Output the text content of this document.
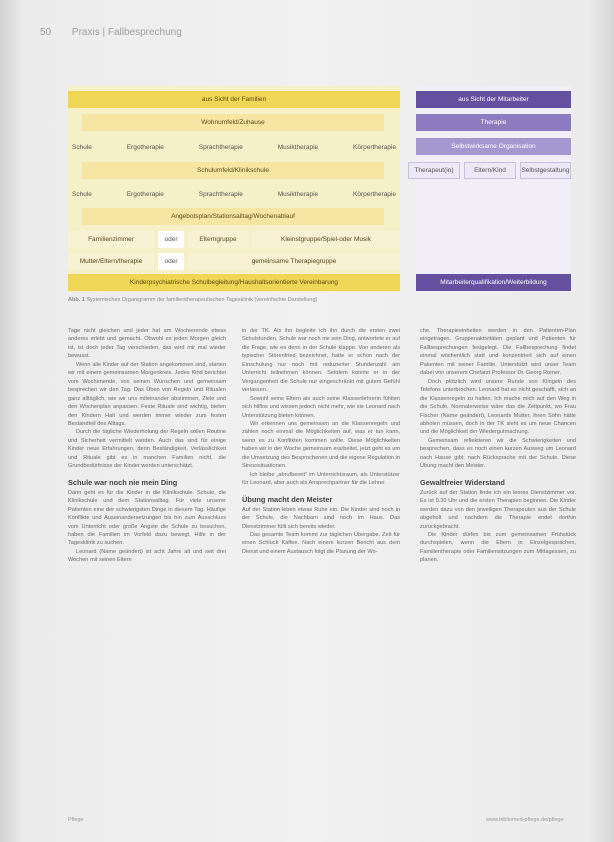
50 Praxis | Fallbesprechung
aus Sicht der Familien
Wohnumfeld/Zuhause
Schule	Ergotherapie	Sprachtherapie	Musiktherapie	Körpertherapie
Schulumfeld/Klinikschule
Schule	Ergotherapie	Sprachtherapie	Musiktherapie	Körpertherapie
Angebotsplan/Stationsalltag/Wochenablauf
Familienzimmer	oder	Elterngruppe	Kleinstgruppe/Spiel-oder Musik
Mutter/Eltern/therapie	oder	gemeinsame Therapiegruppe
Kinderpsychiatrische Schulbegleitung/Haushaltsorientierte Vereinbarung
aus Sicht der Mitarbeiter
Therapie
Selbstwirksame Organisation
Therapeut(in)	Eltern/Kind	Selbstgestaltung
Mitarbeiterqualifikation/Weiterbildung
Abb. 1 Systemisches Organigramm der familientherapeutischen Tagesklinik (vereinfachte Darstellung)

Tage nicht gleichen und jeder hat am Wochenende etwas anderes erlebt und gemacht. Obwohl es jeden Morgen gleich ist, ist doch jeder Tag verschieden, das wird mir mal wieder bewusst.

Wenn alle Kinder auf der Station angekommen sind, starten wir mit einem gemeinsamen Morgenkreis. Jedes Kind berichtet vom Wochenende, von seinen Wünschen und gemeinsam besprechen wir den Tag. Das Üben von Regeln und Ritualen ganz alltäglich, wie wir uns miteinander abstimmen, Ziele und den Wochenplan anpassen. Feste Rituale sind wichtig, bieten den Kindern Halt und werden immer wieder zum festen Bestandteil des Alltags.

Durch die tägliche Wiederholung der Regeln sollen Routine und Sicherheit vermittelt werden. Auch das sind für einige Kinder neue Erfahrungen, denn Beständigkeit, Verlässlichkeit und Rituale gibt es in manchen Familien nicht, die Grundbedürfnisse der Kinder werden unterschätzt.

Schule war noch nie mein Ding

Dann geht es für die Kinder in die Klinikschule. Schule, die Klinikschule und dem Stationsalltag. Für viele unserer Patienten eine der schwierigsten Dinge in diesem Tag. Häufige Konflikte und Auseinandersetzungen bis hin zum Ausschluss vom Unterricht oder große Ängste die Schule zu besuchen, haben die Familien im Vorfeld dazu bewegt, Hilfe in der Tagesklinik zu suchen.

Leonard (Name geändert) ist acht Jahre alt und seit drei Wochen mit seinen Eltern

in der TK. Als ihn begleite ich ihn durch die ersten zwei Schulstunden. Schule war noch nie sein Ding, antwortete er auf die Frage, wie es denn in der Schule klappe. Von anderen als typischer Störenfried bezeichnet, hatte er schon nach der Einschulung nur noch mit reduzierter Stundenzahl am Unterricht teilnehmen können. Seitdem konnte er in der Vergangenheit die Schule nur eingeschränkt mit gutem Gefühl verlassen.

Sowohl seine Eltern als auch seine Klassenlehrerin fühlten sich hilflos und wissen jedoch nicht mehr, wie sie Leonard nach Unterstützung bieten können.

Wir erkennen uns gemeinsam an die Klassenregeln und zählen noch einmal die Möglichkeiten auf, was er tun kann, wenn es zu Konflikten kommen sollte. Diese Möglichkeiten haben wir in der Woche gemeinsam erarbeitet, jetzt geht es um die Umsetzung des Besprochenen und die eigene Regulation in Stresssituationen.

Ich bleibe „abrufbereit“ im Unterrichtsraum, als Unterstützer für Leonard, aber auch als Ansprechpartner für die Lehrer.

Übung macht den Meister

Auf der Station leben etwas Ruhe ein. Die Kinder sind noch in der Schule, die Nachbarn sind noch im Haus. Das Dienstzimmer füllt sich bereits wieder.

Das gesamte Team kommt zur täglichen Übergabe. Zeit für einen Schluck Kaffee. Nach einem kurzen Bericht aus dem Dienst und einem Austausch folgt die Planung der Wo-

che. Therapieeinheiten werden in den Patienten-Plan eingetragen. Gruppenaktivitäten geplant und Patienten für Fallbesprechungen festgelegt. Die Fallbesprechung findet einmal wöchentlich statt und konzentriert sich auf einen Patienten mit seiner Familie. Unterstützt wird unser Team dabei von unserem Chefarzt Professor Dr. Georg Romer.

Doch plötzlich wird unsere Runde von Klingeln des Telefons unterbrochen. Leonard hat es nicht geschafft, sich an die Klassenregeln zu halten. Ich mache mich auf den Weg in die Schule. Normalerweise wäre das die Zeitpunkt, wo Frau Fischer (Name geändert), Leonards Mutter, ihren Sohn hätte abholen müssen, doch in der TK sieht es um neue Chancen und die Möglichkeit der Wiedergutmachung.

Gemeinsam reflektieren wir die Schwierigkeiten und besprechen, dass es noch einen kurzen Ausweg um Leonard nach Hause gibt, nach Rücksprache mit der Schule. Diese Übung macht den Meister.

Gewaltfreier Widerstand

Zurück auf der Station finde ich ein leeres Dienstzimmer vor. Es ist 9.30 Uhr und die ersten Therapien beginnen. Die Kinder werden dazu von den jeweiligen Therapeuten aus der Schule abgeholt und nachdem die Therapie endet dorthin zurückgebracht.

Die Kinder dürfen bis zum gemeinsamen Frühstück durchspielen, wenn die Eltern in Einzelgesprächen, Familientherapie oder Familiensitzungen zum Mittagessen, zu planen.

Pflege	www.bibliomed-pflege.de/pflege
